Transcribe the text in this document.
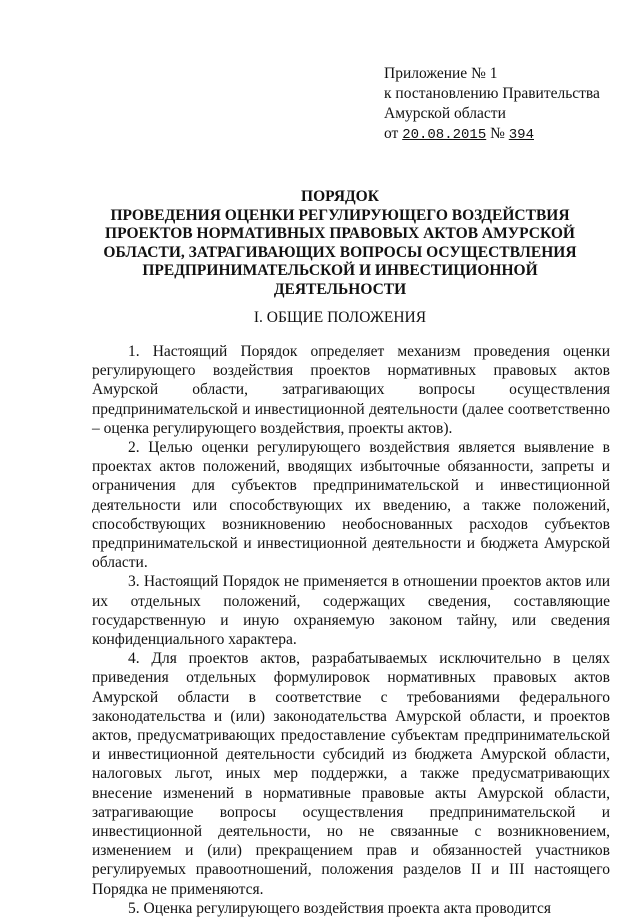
Приложение № 1
к постановлению Правительства
Амурской области
от 20.08.2015 № 394
ПОРЯДОК
ПРОВЕДЕНИЯ ОЦЕНКИ РЕГУЛИРУЮЩЕГО ВОЗДЕЙСТВИЯ
ПРОЕКТОВ НОРМАТИВНЫХ ПРАВОВЫХ АКТОВ АМУРСКОЙ
ОБЛАСТИ, ЗАТРАГИВАЮЩИХ ВОПРОСЫ ОСУЩЕСТВЛЕНИЯ
ПРЕДПРИНИМАТЕЛЬСКОЙ И ИНВЕСТИЦИОННОЙ
ДЕЯТЕЛЬНОСТИ
I. ОБЩИЕ ПОЛОЖЕНИЯ

1. Настоящий Порядок определяет механизм проведения оценки регулирующего воздействия проектов нормативных правовых актов Амурской области, затрагивающих вопросы осуществления предпринимательской и инвестиционной деятельности (далее соответственно – оценка регулирующего воздействия, проекты актов).

2. Целью оценки регулирующего воздействия является выявление в проектах актов положений, вводящих избыточные обязанности, запреты и ограничения для субъектов предпринимательской и инвестиционной деятельности или способствующих их введению, а также положений, способствующих возникновению необоснованных расходов субъектов предпринимательской и инвестиционной деятельности и бюджета Амурской области.

3. Настоящий Порядок не применяется в отношении проектов актов или их отдельных положений, содержащих сведения, составляющие государственную и иную охраняемую законом тайну, или сведения конфиденциального характера.

4. Для проектов актов, разрабатываемых исключительно в целях приведения отдельных формулировок нормативных правовых актов Амурской области в соответствие с требованиями федерального законодательства и (или) законодательства Амурской области, и проектов актов, предусматривающих предоставление субъектам предпринимательской и инвестиционной деятельности субсидий из бюджета Амурской области, налоговых льгот, иных мер поддержки, а также предусматривающих внесение изменений в нормативные правовые акты Амурской области, затрагивающие вопросы осуществления предпринимательской и инвестиционной деятельности, но не связанные с возникновением, изменением и (или) прекращением прав и обязанностей участников регулируемых правоотношений, положения разделов II и III настоящего Порядка не применяются.

5. Оценка регулирующего воздействия проекта акта проводится
